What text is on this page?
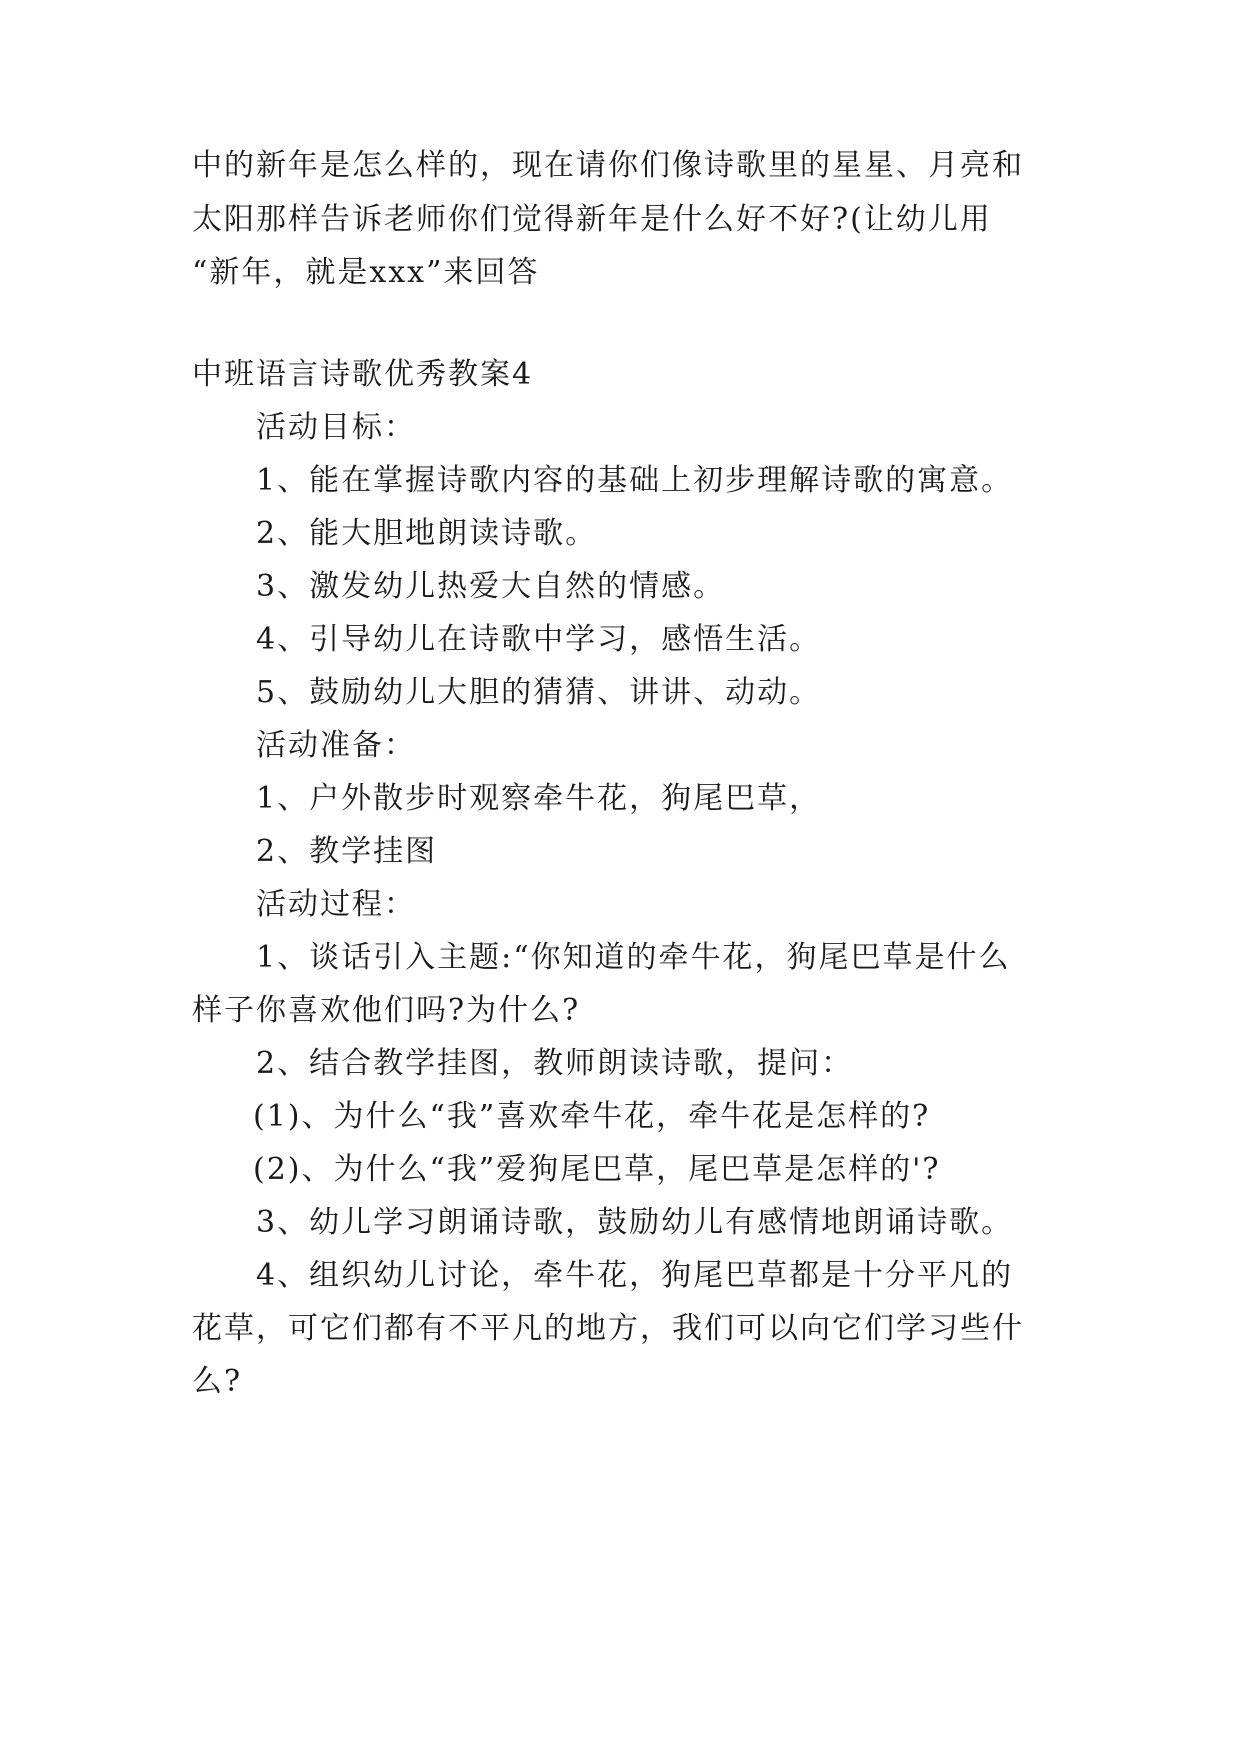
中的新年是怎么样的，现在请你们像诗歌里的星星、月亮和
太阳那样告诉老师你们觉得新年是什么好不好?(让幼儿用
“新年，就是xxx”来回答
中班语言诗歌优秀教案4
活动目标：
1、能在掌握诗歌内容的基础上初步理解诗歌的寓意。
2、能大胆地朗读诗歌。
3、激发幼儿热爱大自然的情感。
4、引导幼儿在诗歌中学习，感悟生活。
5、鼓励幼儿大胆的猜猜、讲讲、动动。
活动准备：
1、户外散步时观察牵牛花，狗尾巴草，
2、教学挂图
活动过程：
1、谈话引入主题:“你知道的牵牛花，狗尾巴草是什么
样子你喜欢他们吗?为什么?
2、结合教学挂图，教师朗读诗歌，提问：
(1)、为什么“我”喜欢牵牛花，牵牛花是怎样的?
(2)、为什么“我”爱狗尾巴草，尾巴草是怎样的'?
3、幼儿学习朗诵诗歌，鼓励幼儿有感情地朗诵诗歌。
4、组织幼儿讨论，牵牛花，狗尾巴草都是十分平凡的
花草，可它们都有不平凡的地方，我们可以向它们学习些什
么?
